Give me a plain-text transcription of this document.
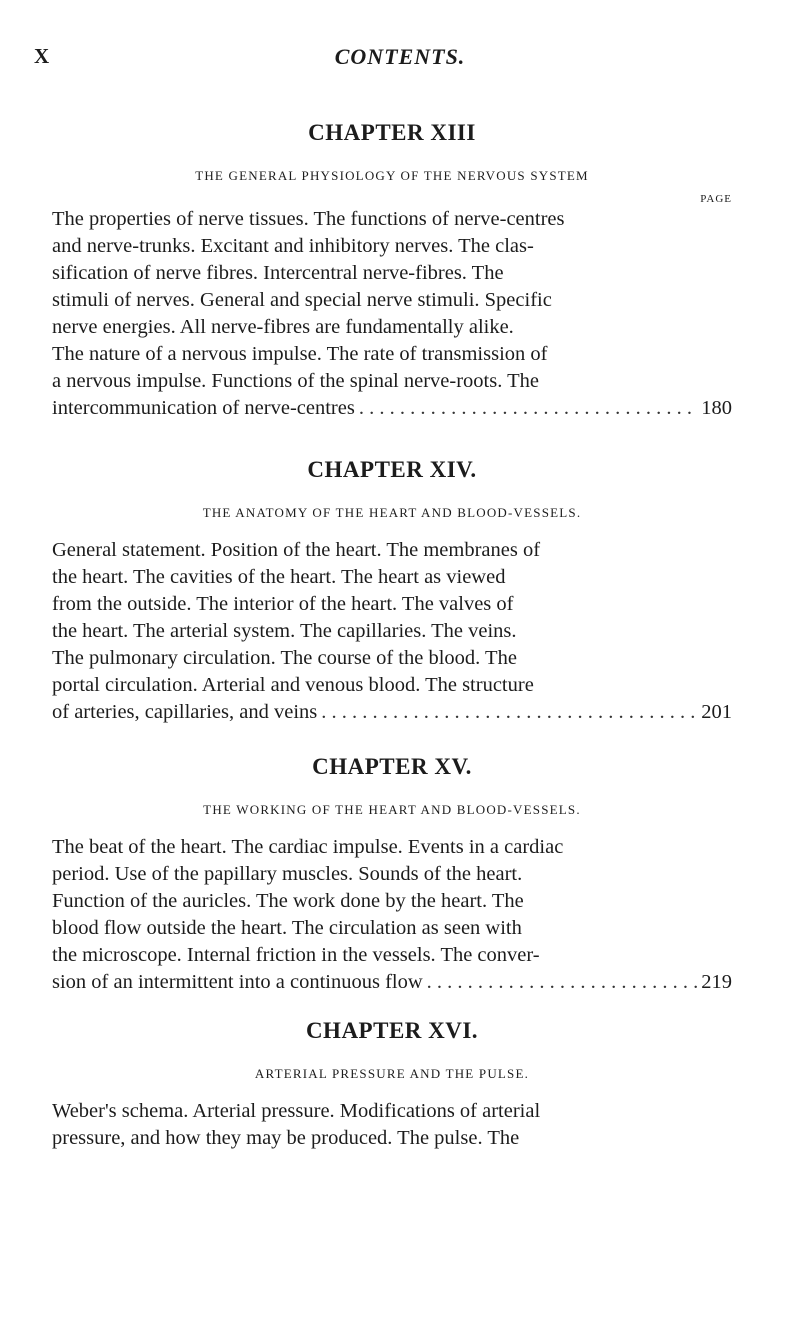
X	CONTENTS.
CHAPTER XIII
THE GENERAL PHYSIOLOGY OF THE NERVOUS SYSTEM
PAGE
The properties of nerve tissues. The functions of nerve-centres
and nerve-trunks. Excitant and inhibitory nerves. The clas-
sification of nerve fibres. Intercentral nerve-fibres. The
stimuli of nerves. General and special nerve stimuli. Specific
nerve energies. All nerve-fibres are fundamentally alike.
The nature of a nervous impulse. The rate of transmission of
a nervous impulse. Functions of the spinal nerve-roots. The
intercommunication of nerve-centres . . .	180
CHAPTER XIV.
THE ANATOMY OF THE HEART AND BLOOD-VESSELS.
General statement. Position of the heart. The membranes of
the heart. The cavities of the heart. The heart as viewed
from the outside. The interior of the heart. The valves of
the heart. The arterial system. The capillaries. The veins.
The pulmonary circulation. The course of the blood. The
portal circulation. Arterial and venous blood. The structure
of arteries, capillaries, and veins . . .	201
CHAPTER XV.
THE WORKING OF THE HEART AND BLOOD-VESSELS.
The beat of the heart. The cardiac impulse. Events in a cardiac
period. Use of the papillary muscles. Sounds of the heart.
Function of the auricles. The work done by the heart. The
blood flow outside the heart. The circulation as seen with
the microscope. Internal friction in the vessels. The conver-
sion of an intermittent into a continuous flow . . .	219
CHAPTER XVI.
ARTERIAL PRESSURE AND THE PULSE.
Weber's schema. Arterial pressure. Modifications of arterial
pressure, and how they may be produced. The pulse. The
